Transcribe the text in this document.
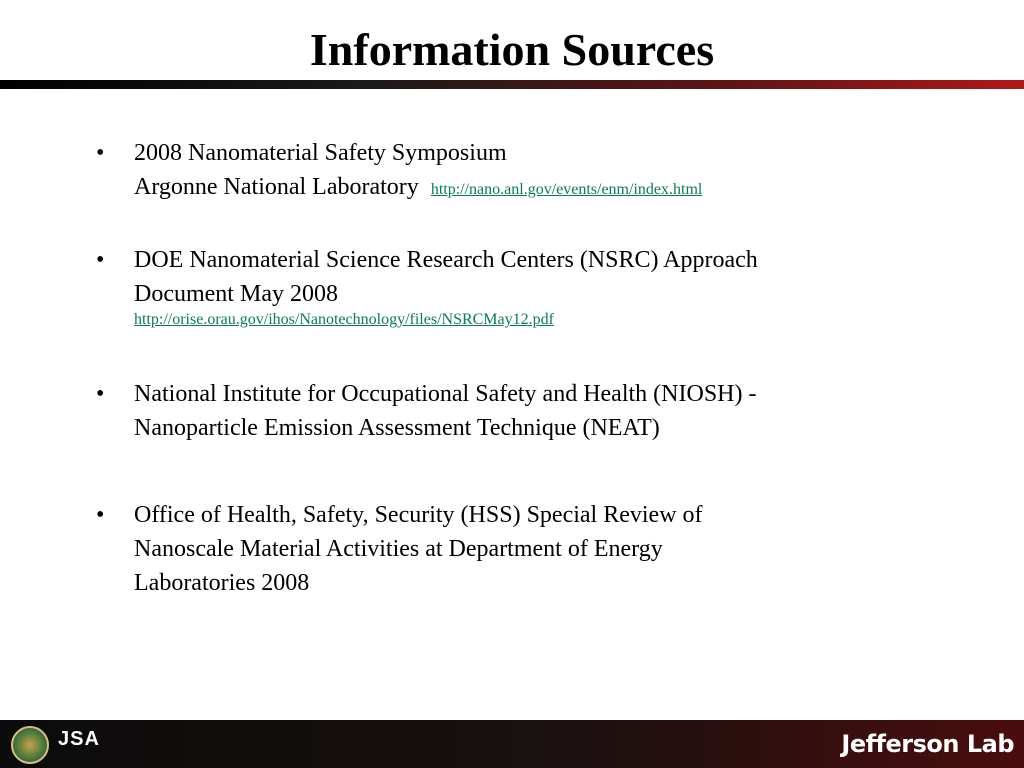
Information Sources
• 2008 Nanomaterial Safety Symposium
Argonne National Laboratory http://nano.anl.gov/events/enm/index.html
• DOE Nanomaterial Science Research Centers (NSRC) Approach
Document May 2008
http://orise.orau.gov/ihos/Nanotechnology/files/NSRCMay12.pdf
• National Institute for Occupational Safety and Health (NIOSH) -
Nanoparticle Emission Assessment Technique (NEAT)
• Office of Health, Safety, Security (HSS) Special Review of
Nanoscale Material Activities at Department of Energy
Laboratories 2008
JSA	Jefferson Lab
